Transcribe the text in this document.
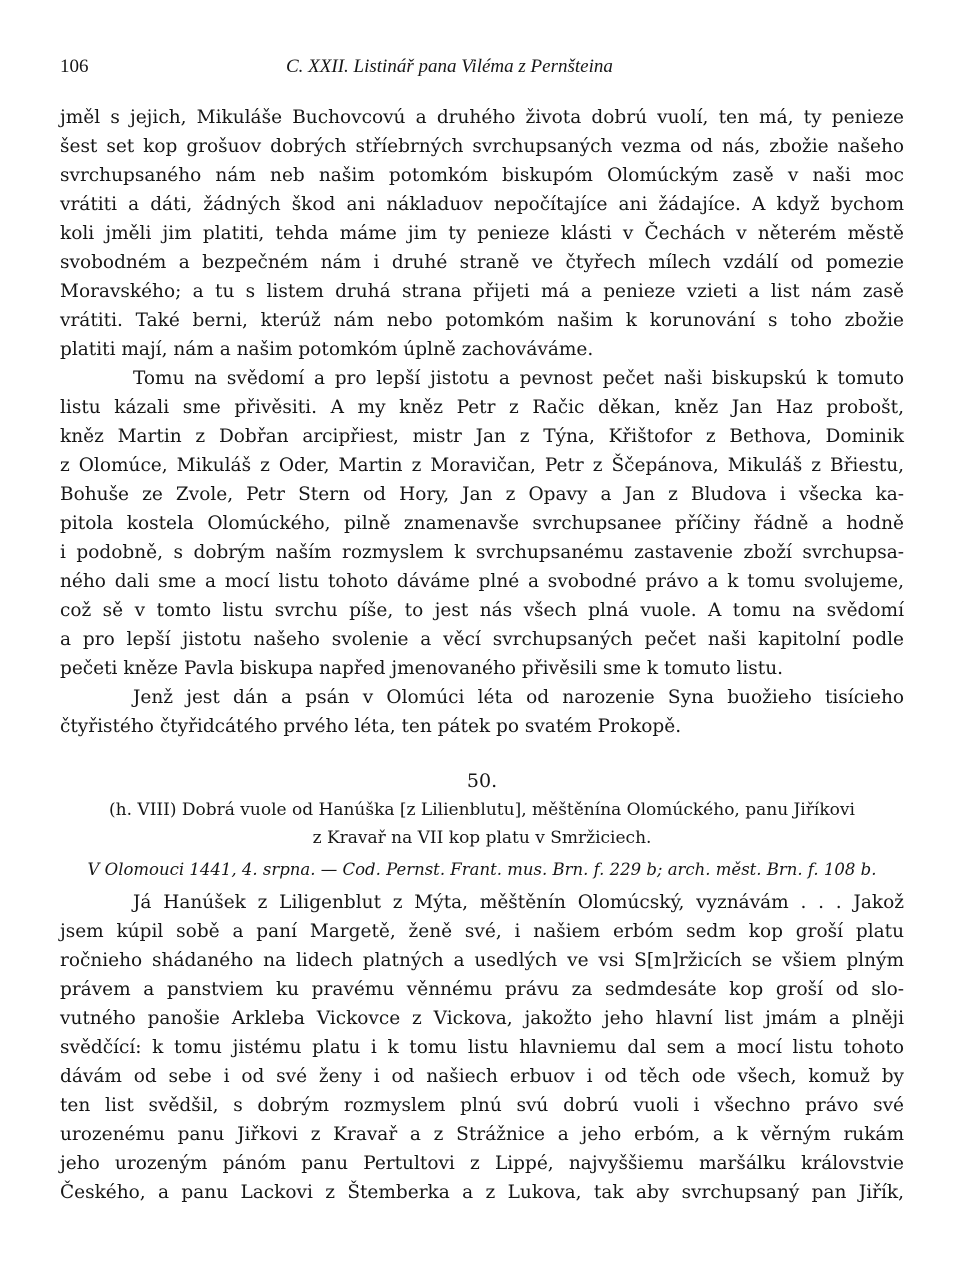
106	C. XXII. Listinář pana Viléma z Pernšteina
jměl s jejich, Mikuláše Buchovcovú a druhého života dobrú vuolí, ten má, ty penieze
šest set kop grošuov dobrých stříebrných svrchupsaných vezma od nás, zbožie našeho
svrchupsaného nám neb našim potomkóm biskupóm Olomúckým zasě v naši moc
vrátiti a dáti, žádných škod ani nákladuov nepočítajíce ani žádajíce. A když bychom
koli jměli jim platiti, tehda máme jim ty penieze klásti v Čechách v něterém městě
svobodném a bezpečném nám i druhé straně ve čtyřech mílech vzdálí od pomezie
Moravského; a tu s listem druhá strana přijeti má a penieze vzieti a list nám zasě
vrátiti. Také berni, kterúž nám nebo potomkóm našim k korunování s toho zbožie
platiti mají, nám a našim potomkóm úplně zachováváme.
Tomu na svědomí a pro lepší jistotu a pevnost pečet naši biskupskú k tomuto
listu kázali sme přivěsiti. A my kněz Petr z Račic děkan, kněz Jan Haz probošt,
kněz Martin z Dobřan arcipřiest, mistr Jan z Týna, Křištofor z Bethova, Dominik
z Olomúce, Mikuláš z Oder, Martin z Moravičan, Petr z Ščepánova, Mikuláš z Břiestu,
Bohuše ze Zvole, Petr Stern od Hory, Jan z Opavy a Jan z Bludova i všecka ka-
pitola kostela Olomúckého, pilně znamenavše svrchupsanee příčiny řádně a hodně
i podobně, s dobrým naším rozmyslem k svrchupsanému zastavenie zboží svrchupsa-
ného dali sme a mocí listu tohoto dáváme plné a svobodné právo a k tomu svolujeme,
což sě v tomto listu svrchu píše, to jest nás všech plná vuole. A tomu na svědomí
a pro lepší jistotu našeho svolenie a věcí svrchupsaných pečet naši kapitolní podle
pečeti kněze Pavla biskupa napřed jmenovaného přivěsili sme k tomuto listu.
Jenž jest dán a psán v Olomúci léta od narozenie Syna buožieho tisícieho
čtyřistého čtyřidcátého prvého léta, ten pátek po svatém Prokopě.
50.
(h. VIII) Dobrá vuole od Hanúška [z Lilienblutu], měštěnína Olomúckého, panu Jiříkovi
z Kravař na VII kop platu v Smržiciech.
V Olomouci 1441, 4. srpna. — Cod. Pernst. Frant. mus. Brn. f. 229 b; arch. měst. Brn. f. 108 b.
Já Hanúšek z Liligenblut z Mýta, měštěnín Olomúcský, vyznávám . . . Jakož
jsem kúpil sobě a paní Margetě, ženě své, i našiem erbóm sedm kop groší platu
ročnieho shádaného na lidech platných a usedlých ve vsi S[m]ržicích se všiem plným
právem a panstviem ku pravému věnnému právu za sedmdesáte kop groší od slo-
vutného panošie Arkleba Vickovce z Vickova, jakožto jeho hlavní list jmám a plněji
svědčící: k tomu jistému platu i k tomu listu hlavniemu dal sem a mocí listu tohoto
dávám od sebe i od své ženy i od našiech erbuov i od těch ode všech, komuž by
ten list svědšil, s dobrým rozmyslem plnú svú dobrú vuoli i všechno právo své
urozenému panu Jiřkovi z Kravař a z Strážnice a jeho erbóm, a k věrným rukám
jeho urozeným pánóm panu Pertultovi z Lippé, najvyššiemu maršálku královstvie
Českého, a panu Lackovi z Štemberka a z Lukova, tak aby svrchupsaný pan Jiřík,
